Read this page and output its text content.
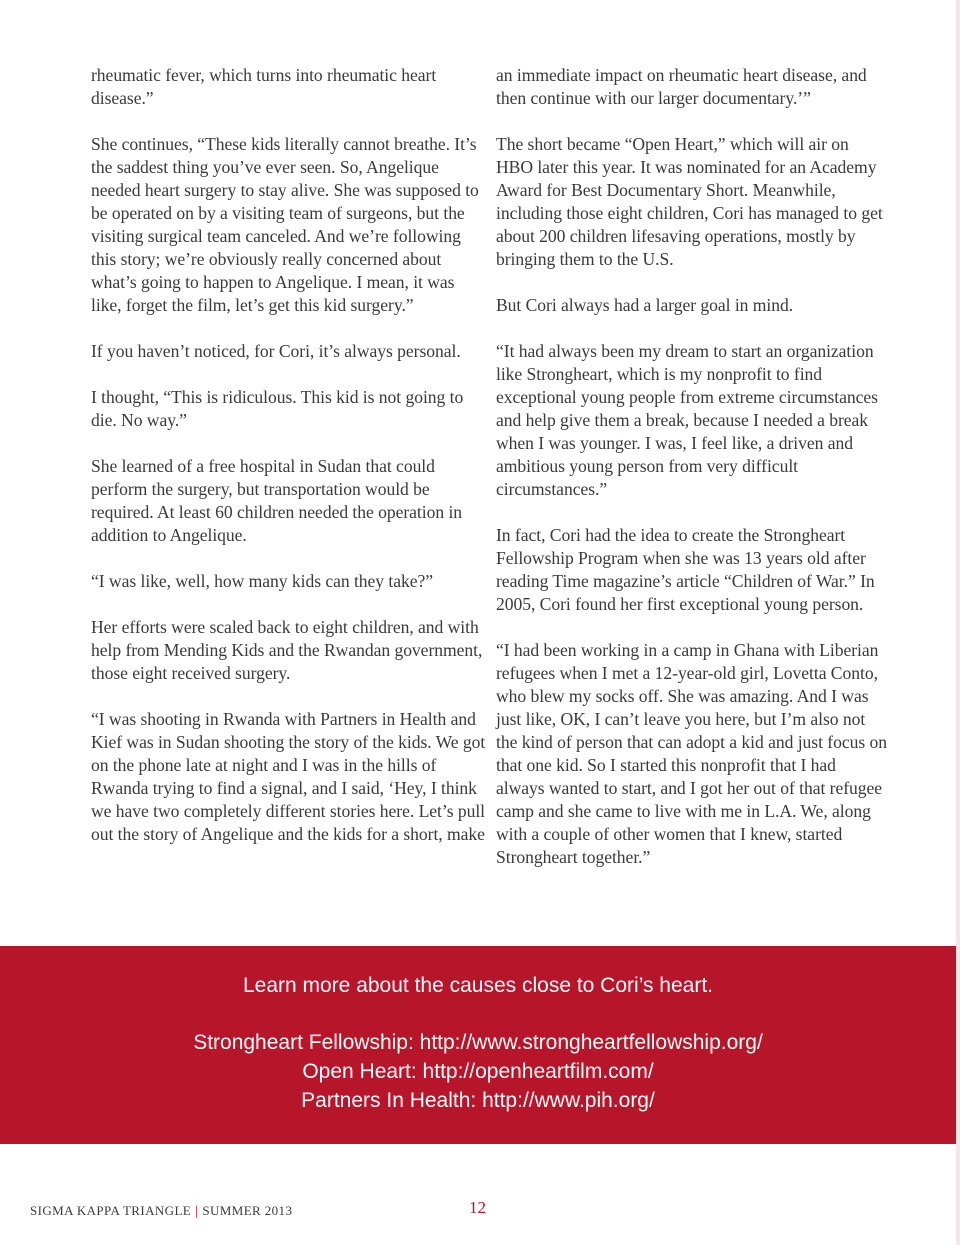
rheumatic fever, which turns into rheumatic heart disease.”

She continues, “These kids literally cannot breathe. It’s the saddest thing you’ve ever seen. So, Angelique needed heart surgery to stay alive. She was supposed to be operated on by a visiting team of surgeons, but the visiting surgical team canceled. And we’re following this story; we’re obviously really concerned about what’s going to happen to Angelique. I mean, it was like, forget the film, let’s get this kid surgery.”

If you haven’t noticed, for Cori, it’s always personal.

I thought, “This is ridiculous. This kid is not going to die. No way.”

She learned of a free hospital in Sudan that could perform the surgery, but transportation would be required. At least 60 children needed the operation in addition to Angelique.

“I was like, well, how many kids can they take?”

Her efforts were scaled back to eight children, and with help from Mending Kids and the Rwandan government, those eight received surgery.

“I was shooting in Rwanda with Partners in Health and Kief was in Sudan shooting the story of the kids. We got on the phone late at night and I was in the hills of Rwanda trying to find a signal, and I said, ‘Hey, I think we have two completely different stories here. Let’s pull out the story of Angelique and the kids for a short, make

an immediate impact on rheumatic heart disease, and then continue with our larger documentary.’”

The short became “Open Heart,” which will air on HBO later this year. It was nominated for an Academy Award for Best Documentary Short. Meanwhile, including those eight children, Cori has managed to get about 200 children lifesaving operations, mostly by bringing them to the U.S.

But Cori always had a larger goal in mind.

“It had always been my dream to start an organization like Strongheart, which is my nonprofit to find exceptional young people from extreme circumstances and help give them a break, because I needed a break when I was younger. I was, I feel like, a driven and ambitious young person from very difficult circumstances.”

In fact, Cori had the idea to create the Strongheart Fellowship Program when she was 13 years old after reading Time magazine’s article “Children of War.” In 2005, Cori found her first exceptional young person.

“I had been working in a camp in Ghana with Liberian refugees when I met a 12-year-old girl, Lovetta Conto, who blew my socks off. She was amazing. And I was just like, OK, I can’t leave you here, but I’m also not the kind of person that can adopt a kid and just focus on that one kid. So I started this nonprofit that I had always wanted to start, and I got her out of that refugee camp and she came to live with me in L.A. We, along with a couple of other women that I knew, started Strongheart together.”

Learn more about the causes close to Cori’s heart.
Strongheart Fellowship: http://www.strongheartfellowship.org/
Open Heart: http://openheartfilm.com/
Partners In Health: http://www.pih.org/
SIGMA KAPPA TRIANGLE | SUMMER 2013	12
